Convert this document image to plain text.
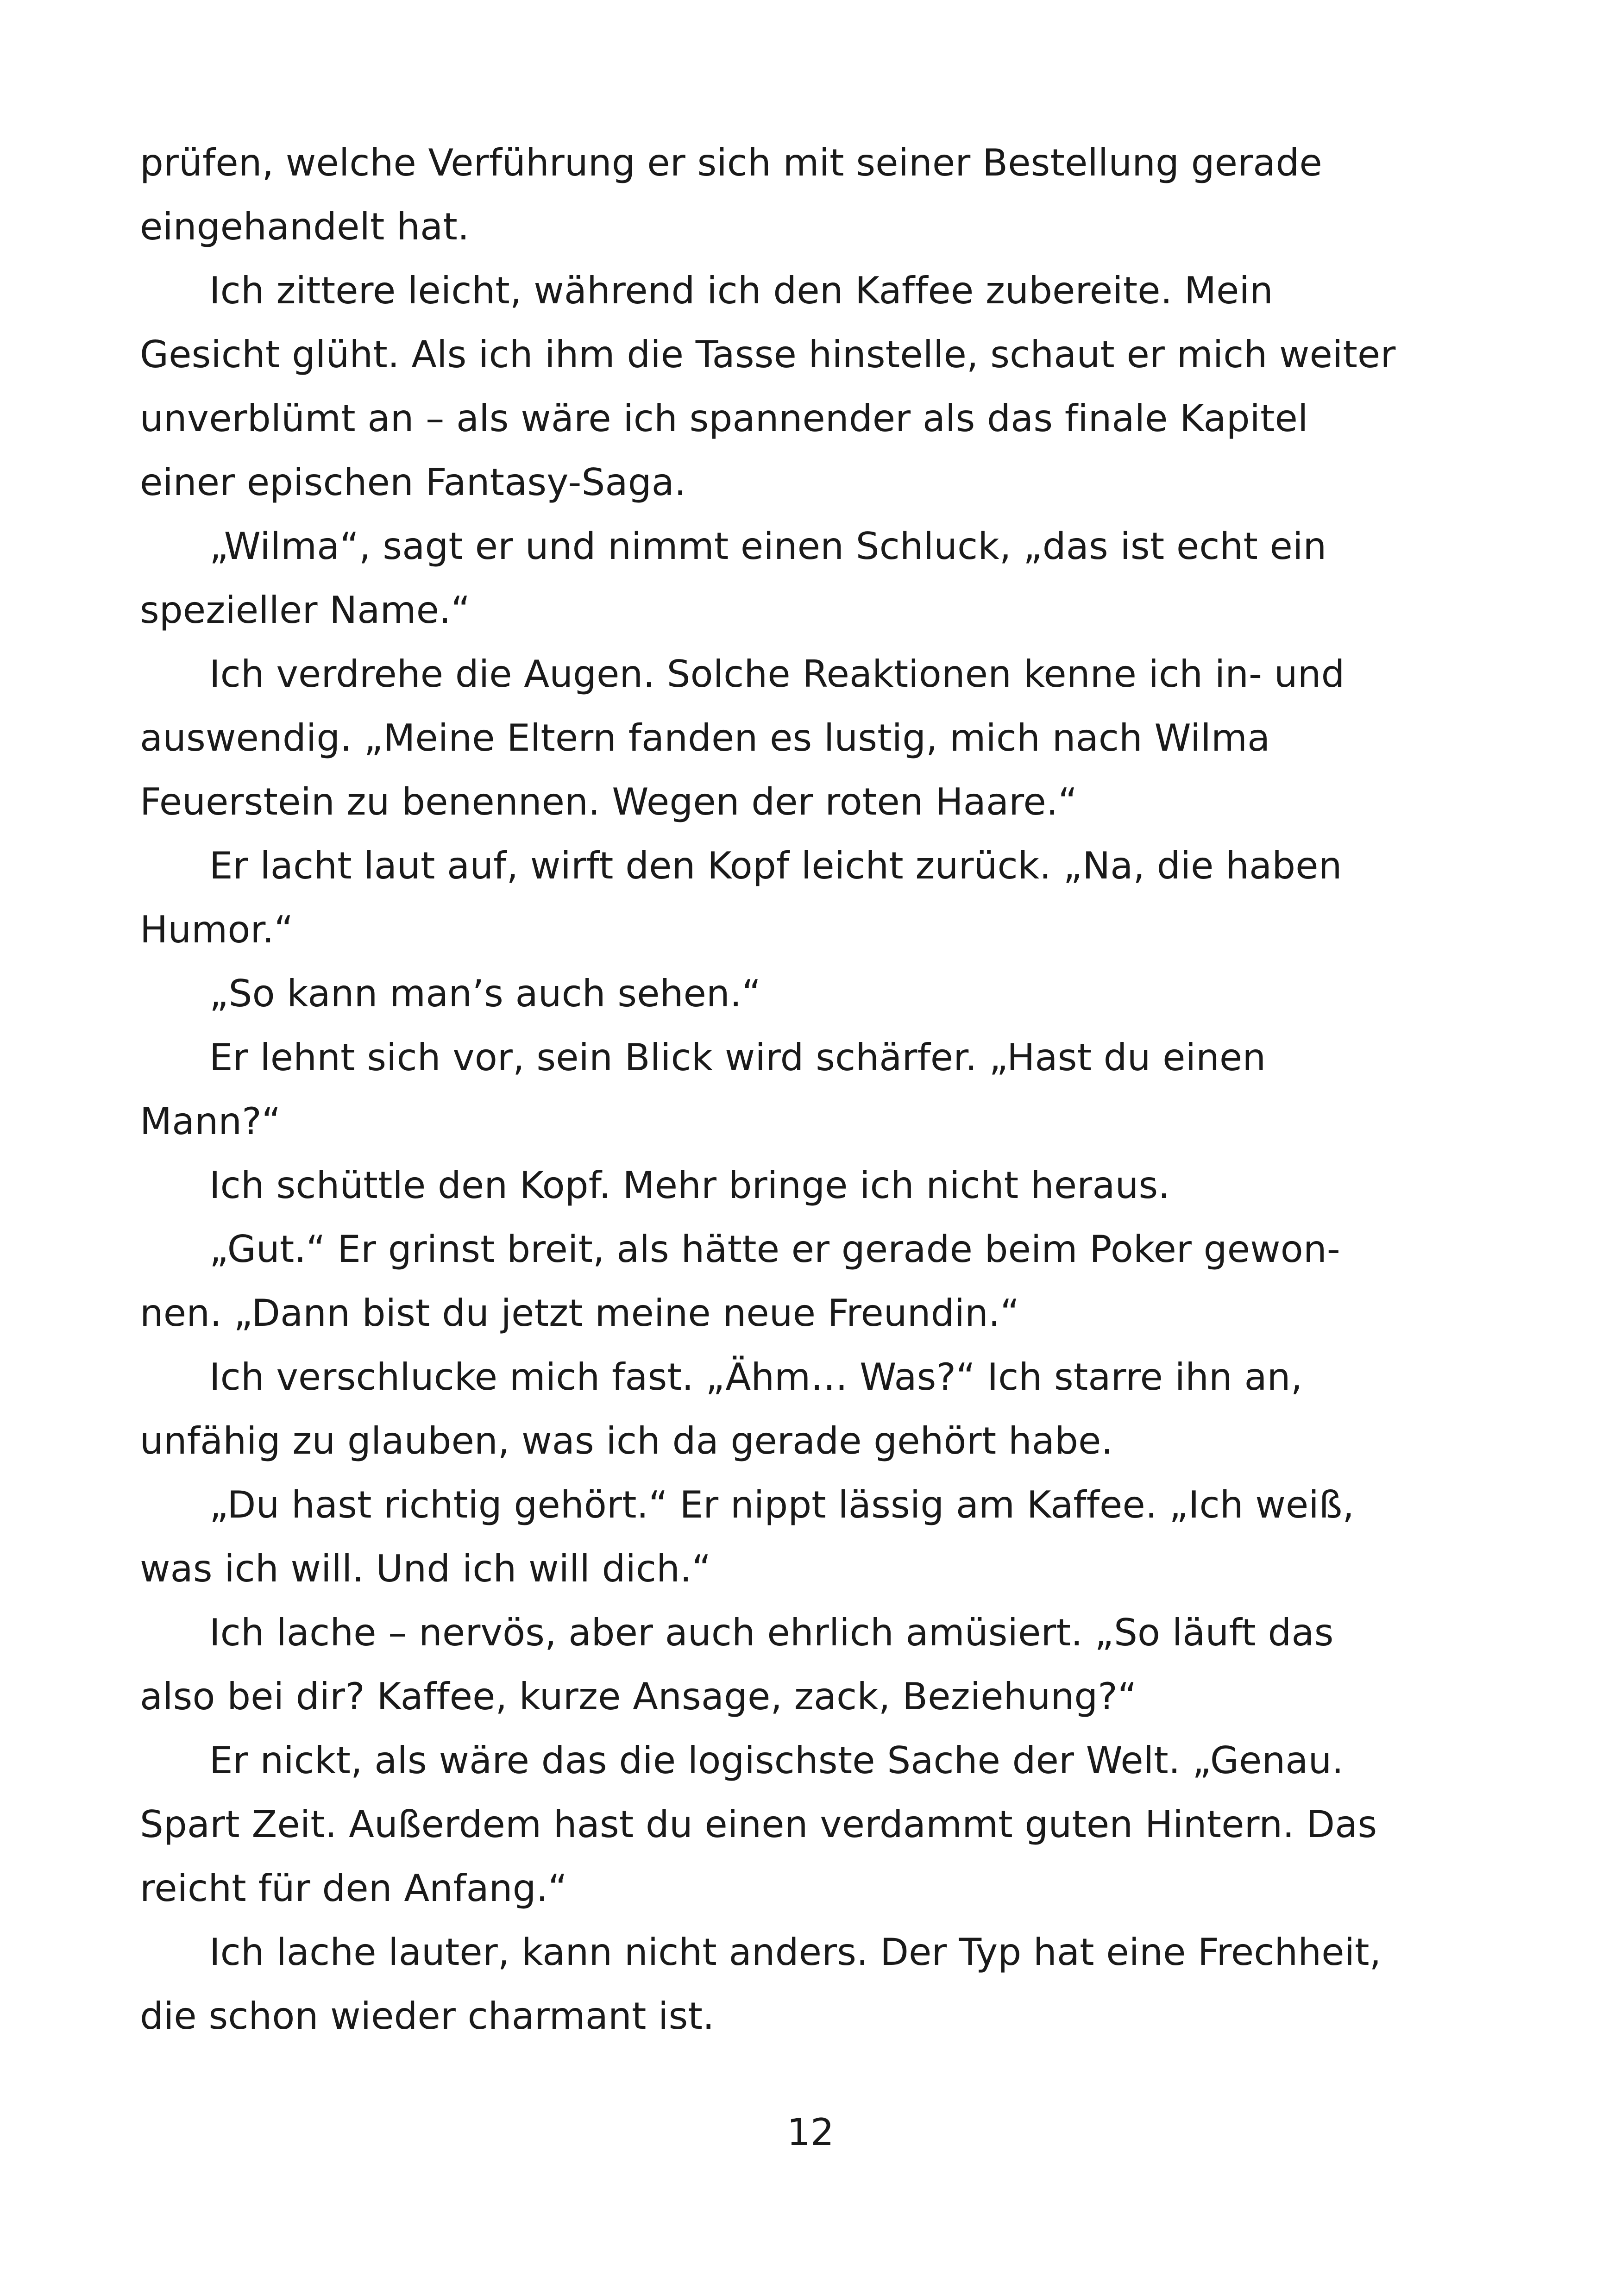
prüfen, welche Verführung er sich mit seiner Bestellung gerade
eingehandelt hat.
Ich zittere leicht, während ich den Kaffee zubereite. Mein
Gesicht glüht. Als ich ihm die Tasse hinstelle, schaut er mich weiter
unverblümt an – als wäre ich spannender als das finale Kapitel
einer epischen Fantasy-Saga.
„Wilma“, sagt er und nimmt einen Schluck, „das ist echt ein
spezieller Name.“
Ich verdrehe die Augen. Solche Reaktionen kenne ich in- und
auswendig. „Meine Eltern fanden es lustig, mich nach Wilma
Feuerstein zu benennen. Wegen der roten Haare.“
Er lacht laut auf, wirft den Kopf leicht zurück. „Na, die haben
Humor.“
„So kann man’s auch sehen.“
Er lehnt sich vor, sein Blick wird schärfer. „Hast du einen
Mann?“
Ich schüttle den Kopf. Mehr bringe ich nicht heraus.
„Gut.“ Er grinst breit, als hätte er gerade beim Poker gewon-
nen. „Dann bist du jetzt meine neue Freundin.“
Ich verschlucke mich fast. „Ähm… Was?“ Ich starre ihn an,
unfähig zu glauben, was ich da gerade gehört habe.
„Du hast richtig gehört.“ Er nippt lässig am Kaffee. „Ich weiß,
was ich will. Und ich will dich.“
Ich lache – nervös, aber auch ehrlich amüsiert. „So läuft das
also bei dir? Kaffee, kurze Ansage, zack, Beziehung?“
Er nickt, als wäre das die logischste Sache der Welt. „Genau.
Spart Zeit. Außerdem hast du einen verdammt guten Hintern. Das
reicht für den Anfang.“
Ich lache lauter, kann nicht anders. Der Typ hat eine Frechheit,
die schon wieder charmant ist.
12
